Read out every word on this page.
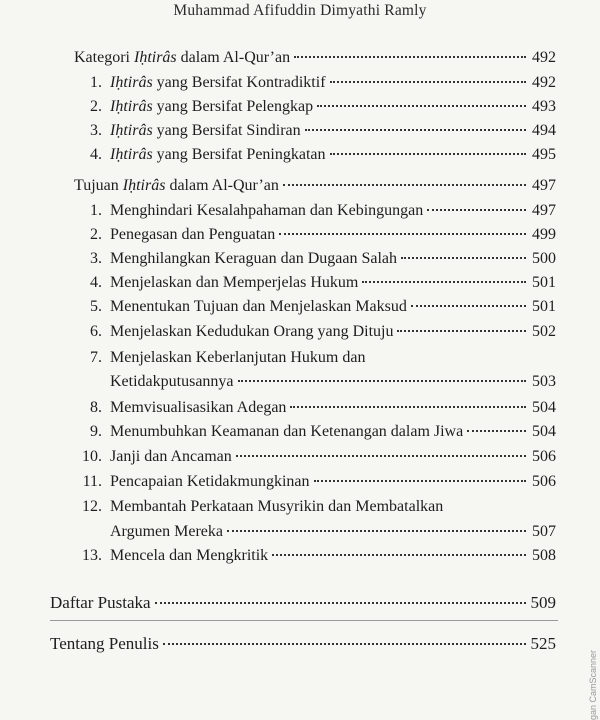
Muhammad Afifuddin Dimyathi Ramly
Kategori Iḥtirâs dalam Al-Qur’an	492
1. Iḥtirâs yang Bersifat Kontradiktif	492
2. Iḥtirâs yang Bersifat Pelengkap	493
3. Iḥtirâs yang Bersifat Sindiran	494
4. Iḥtirâs yang Bersifat Peningkatan	495
Tujuan Iḥtirâs dalam Al-Qur’an	497
1. Menghindari Kesalahpahaman dan Kebingungan	497
2. Penegasan dan Penguatan	499
3. Menghilangkan Keraguan dan Dugaan Salah	500
4. Menjelaskan dan Memperjelas Hukum	501
5. Menentukan Tujuan dan Menjelaskan Maksud	501
6. Menjelaskan Kedudukan Orang yang Dituju	502
7. Menjelaskan Keberlanjutan Hukum dan
Ketidakputusannya	503
8. Memvisualisasikan Adegan	504
9. Menumbuhkan Keamanan dan Ketenangan dalam Jiwa	504
10. Janji dan Ancaman	506
11. Pencapaian Ketidakmungkinan	506
12. Membantah Perkataan Musyrikin dan Membatalkan
Argumen Mereka	507
13. Mencela dan Mengkritik	508
Daftar Pustaka	509
Tentang Penulis	525
gan CamScanner
